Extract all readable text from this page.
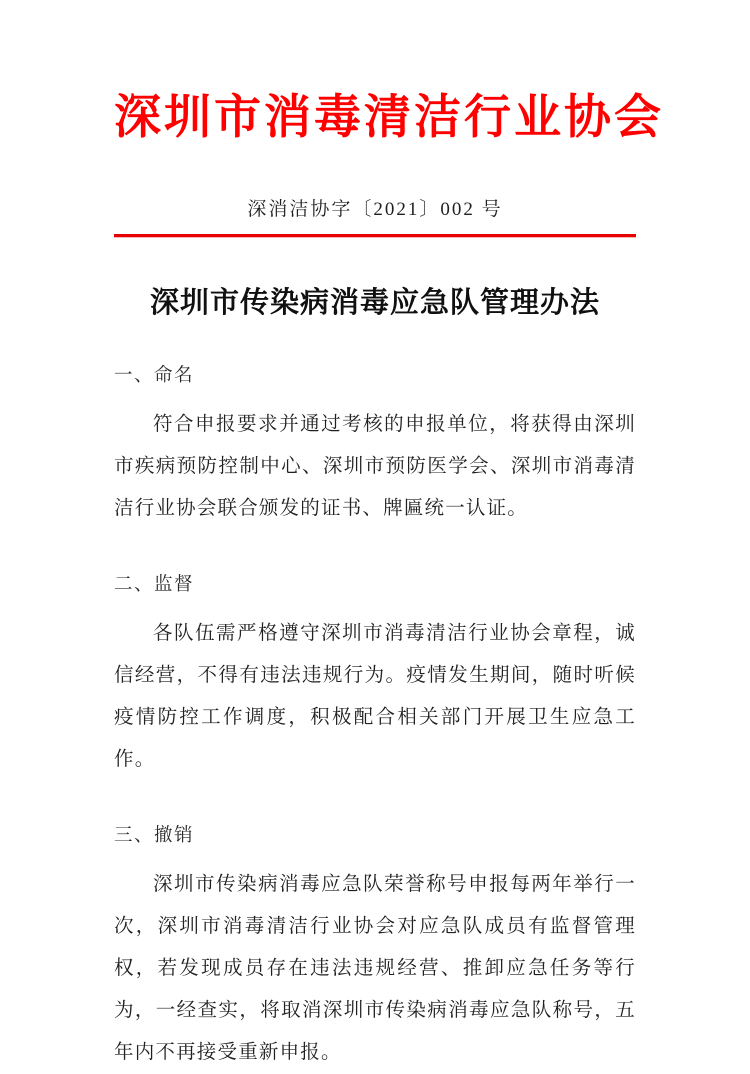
深圳市消毒清洁行业协会
深消洁协字〔2021〕002 号
深圳市传染病消毒应急队管理办法
一、命名

符合申报要求并通过考核的申报单位，将获得由深圳市疾病预防控制中心、深圳市预防医学会、深圳市消毒清洁行业协会联合颁发的证书、牌匾统一认证。

二、监督

各队伍需严格遵守深圳市消毒清洁行业协会章程，诚信经营，不得有违法违规行为。疫情发生期间，随时听候疫情防控工作调度，积极配合相关部门开展卫生应急工作。

三、撤销

深圳市传染病消毒应急队荣誉称号申报每两年举行一次，深圳市消毒清洁行业协会对应急队成员有监督管理权，若发现成员存在违法违规经营、推卸应急任务等行为，一经查实，将取消深圳市传染病消毒应急队称号，五年内不再接受重新申报。
